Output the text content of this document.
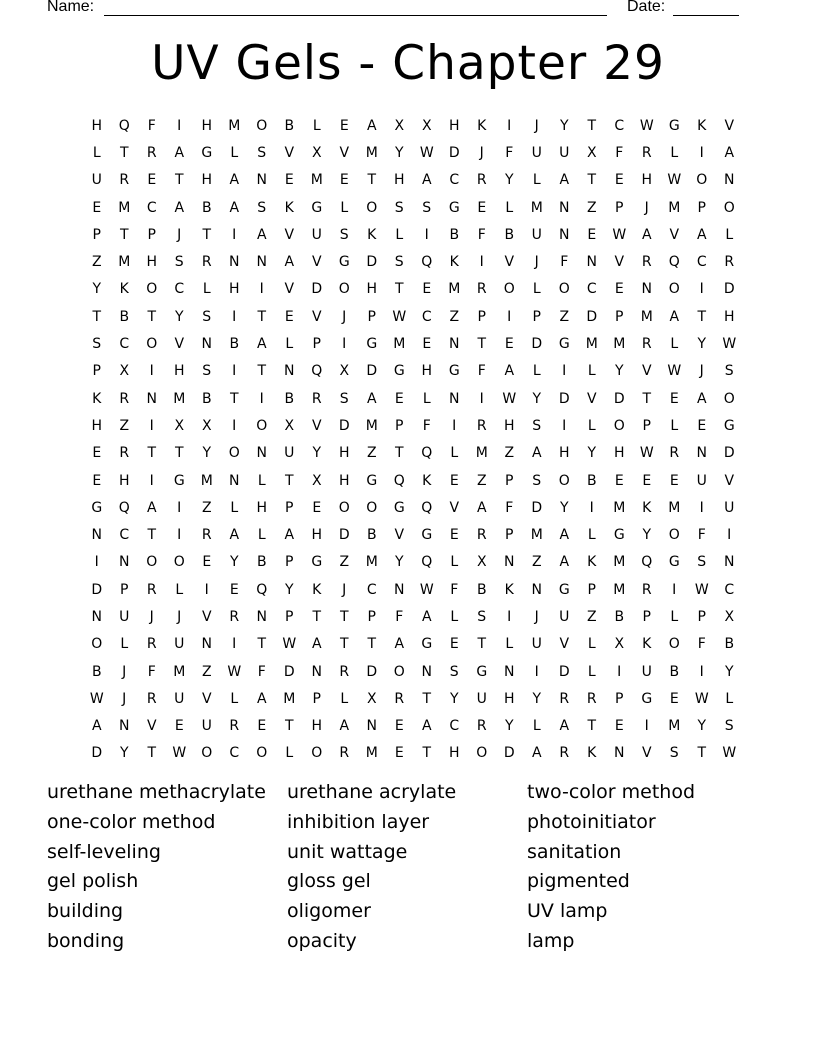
Name:	Date:
UV Gels - Chapter 29
H	Q	F	I	H	M	O	B	L	E	A	X	X	H	K	I	J	Y	T	C	W	G	K	V
L	T	R	A	G	L	S	V	X	V	M	Y	W	D	J	F	U	U	X	F	R	L	I	A
U	R	E	T	H	A	N	E	M	E	T	H	A	C	R	Y	L	A	T	E	H	W	O	N
E	M	C	A	B	A	S	K	G	L	O	S	S	G	E	L	M	N	Z	P	J	M	P	O
P	T	P	J	T	I	A	V	U	S	K	L	I	B	F	B	U	N	E	W	A	V	A	L
Z	M	H	S	R	N	N	A	V	G	D	S	Q	K	I	V	J	F	N	V	R	Q	C	R
Y	K	O	C	L	H	I	V	D	O	H	T	E	M	R	O	L	O	C	E	N	O	I	D
T	B	T	Y	S	I	T	E	V	J	P	W	C	Z	P	I	P	Z	D	P	M	A	T	H
S	C	O	V	N	B	A	L	P	I	G	M	E	N	T	E	D	G	M	M	R	L	Y	W
P	X	I	H	S	I	T	N	Q	X	D	G	H	G	F	A	L	I	L	Y	V	W	J	S
K	R	N	M	B	T	I	B	R	S	A	E	L	N	I	W	Y	D	V	D	T	E	A	O
H	Z	I	X	X	I	O	X	V	D	M	P	F	I	R	H	S	I	L	O	P	L	E	G
E	R	T	T	Y	O	N	U	Y	H	Z	T	Q	L	M	Z	A	H	Y	H	W	R	N	D
E	H	I	G	M	N	L	T	X	H	G	Q	K	E	Z	P	S	O	B	E	E	E	U	V
G	Q	A	I	Z	L	H	P	E	O	O	G	Q	V	A	F	D	Y	I	M	K	M	I	U
N	C	T	I	R	A	L	A	H	D	B	V	G	E	R	P	M	A	L	G	Y	O	F	I
I	N	O	O	E	Y	B	P	G	Z	M	Y	Q	L	X	N	Z	A	K	M	Q	G	S	N
D	P	R	L	I	E	Q	Y	K	J	C	N	W	F	B	K	N	G	P	M	R	I	W	C
N	U	J	J	V	R	N	P	T	T	P	F	A	L	S	I	J	U	Z	B	P	L	P	X
O	L	R	U	N	I	T	W	A	T	T	A	G	E	T	L	U	V	L	X	K	O	F	B
B	J	F	M	Z	W	F	D	N	R	D	O	N	S	G	N	I	D	L	I	U	B	I	Y
W	J	R	U	V	L	A	M	P	L	X	R	T	Y	U	H	Y	R	R	P	G	E	W	L
A	N	V	E	U	R	E	T	H	A	N	E	A	C	R	Y	L	A	T	E	I	M	Y	S
D	Y	T	W	O	C	O	L	O	R	M	E	T	H	O	D	A	R	K	N	V	S	T	W
urethane methacrylate	urethane acrylate	two-color method
one-color method	inhibition layer	photoinitiator
self-leveling	unit wattage	sanitation
gel polish	gloss gel	pigmented
building	oligomer	UV lamp
bonding	opacity	lamp
